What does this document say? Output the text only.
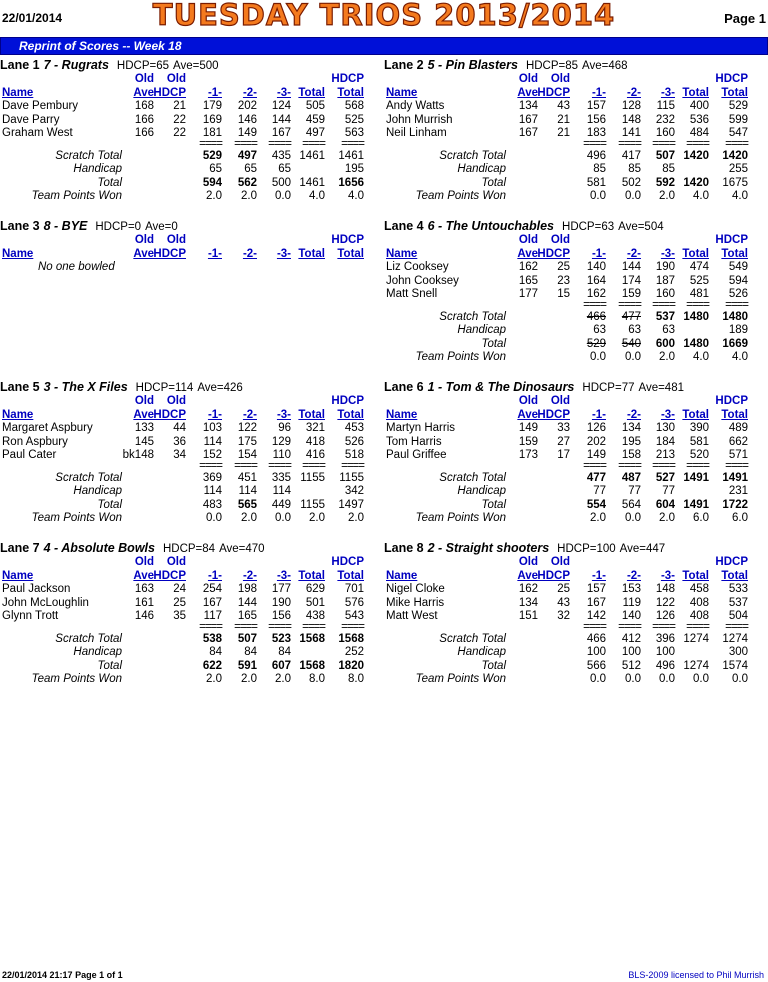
22/01/2014	TUESDAY TRIOS 2013/2014	Page 1
Reprint of Scores -- Week 18
Lane 1 7 - Rugrats HDCP=65 Ave=500
Old Old	HDCP
Name	Ave HDCP -1- -2- -3- Total Total
Dave Pembury	168 21 179 202 124 505 568
Dave Parry	166 22 169 146 144 459 525
Graham West	166 22 181 149 167 497 563
==== ==== ==== ==== ====
Scratch Total	529 497 435 1461 1461
Handicap	65 65 65	195
Total	594 562 500 1461 1656
Team Points Won	2.0 2.0 0.0 4.0 4.0
Lane 2 5 - Pin Blasters HDCP=85 Ave=468
Old Old	HDCP
Name	Ave HDCP -1- -2- -3- Total Total
Andy Watts	134 43 157 128 115 400 529
John Murrish	167 21 156 148 232 536 599
Neil Linham	167 21 183 141 160 484 547
==== ==== ==== ==== ====
Scratch Total	496 417 507 1420 1420
Handicap	85 85 85	255
Total	581 502 592 1420 1675
Team Points Won	0.0 0.0 2.0 4.0 4.0
Lane 3 8 - BYE HDCP=0 Ave=0
Old Old	HDCP
Name	Ave HDCP -1- -2- -3- Total Total
No one bowled
Lane 4 6 - The Untouchables HDCP=63 Ave=504
Old Old	HDCP
Name	Ave HDCP -1- -2- -3- Total Total
Liz Cooksey	162 25 140 144 190 474 549
John Cooksey	165 23 164 174 187 525 594
Matt Snell	177 15 162 159 160 481 526
==== ==== ==== ==== ====
Scratch Total	466 477 537 1480 1480
Handicap	63 63 63	189
Total	529 540 600 1480 1669
Team Points Won	0.0 0.0 2.0 4.0 4.0
Lane 5 3 - The X Files HDCP=114 Ave=426
Old Old	HDCP
Name	Ave HDCP -1- -2- -3- Total Total
Margaret Aspbury	133 44 103 122 96 321 453
Ron Aspbury	145 36 114 175 129 418 526
Paul Cater	bk148 34 152 154 110 416 518
==== ==== ==== ==== ====
Scratch Total	369 451 335 1155 1155
Handicap	114 114 114	342
Total	483 565 449 1155 1497
Team Points Won	0.0 2.0 0.0 2.0 2.0
Lane 6 1 - Tom & The Dinosaurs HDCP=77 Ave=481
Old Old	HDCP
Name	Ave HDCP -1- -2- -3- Total Total
Martyn Harris	149 33 126 134 130 390 489
Tom Harris	159 27 202 195 184 581 662
Paul Griffee	173 17 149 158 213 520 571
==== ==== ==== ==== ====
Scratch Total	477 487 527 1491 1491
Handicap	77 77 77	231
Total	554 564 604 1491 1722
Team Points Won	2.0 0.0 2.0 6.0 6.0
Lane 7 4 - Absolute Bowls HDCP=84 Ave=470
Old Old	HDCP
Name	Ave HDCP -1- -2- -3- Total Total
Paul Jackson	163 24 254 198 177 629 701
John McLoughlin	161 25 167 144 190 501 576
Glynn Trott	146 35 117 165 156 438 543
==== ==== ==== ==== ====
Scratch Total	538 507 523 1568 1568
Handicap	84 84 84	252
Total	622 591 607 1568 1820
Team Points Won	2.0 2.0 2.0 8.0 8.0
Lane 8 2 - Straight shooters HDCP=100 Ave=447
Old Old	HDCP
Name	Ave HDCP -1- -2- -3- Total Total
Nigel Cloke	162 25 157 153 148 458 533
Mike Harris	134 43 167 119 122 408 537
Matt West	151 32 142 140 126 408 504
==== ==== ==== ==== ====
Scratch Total	466 412 396 1274 1274
Handicap	100 100 100	300
Total	566 512 496 1274 1574
Team Points Won	0.0 0.0 0.0 0.0 0.0
22/01/2014 21:17 Page 1 of 1	BLS-2009 licensed to Phil Murrish
